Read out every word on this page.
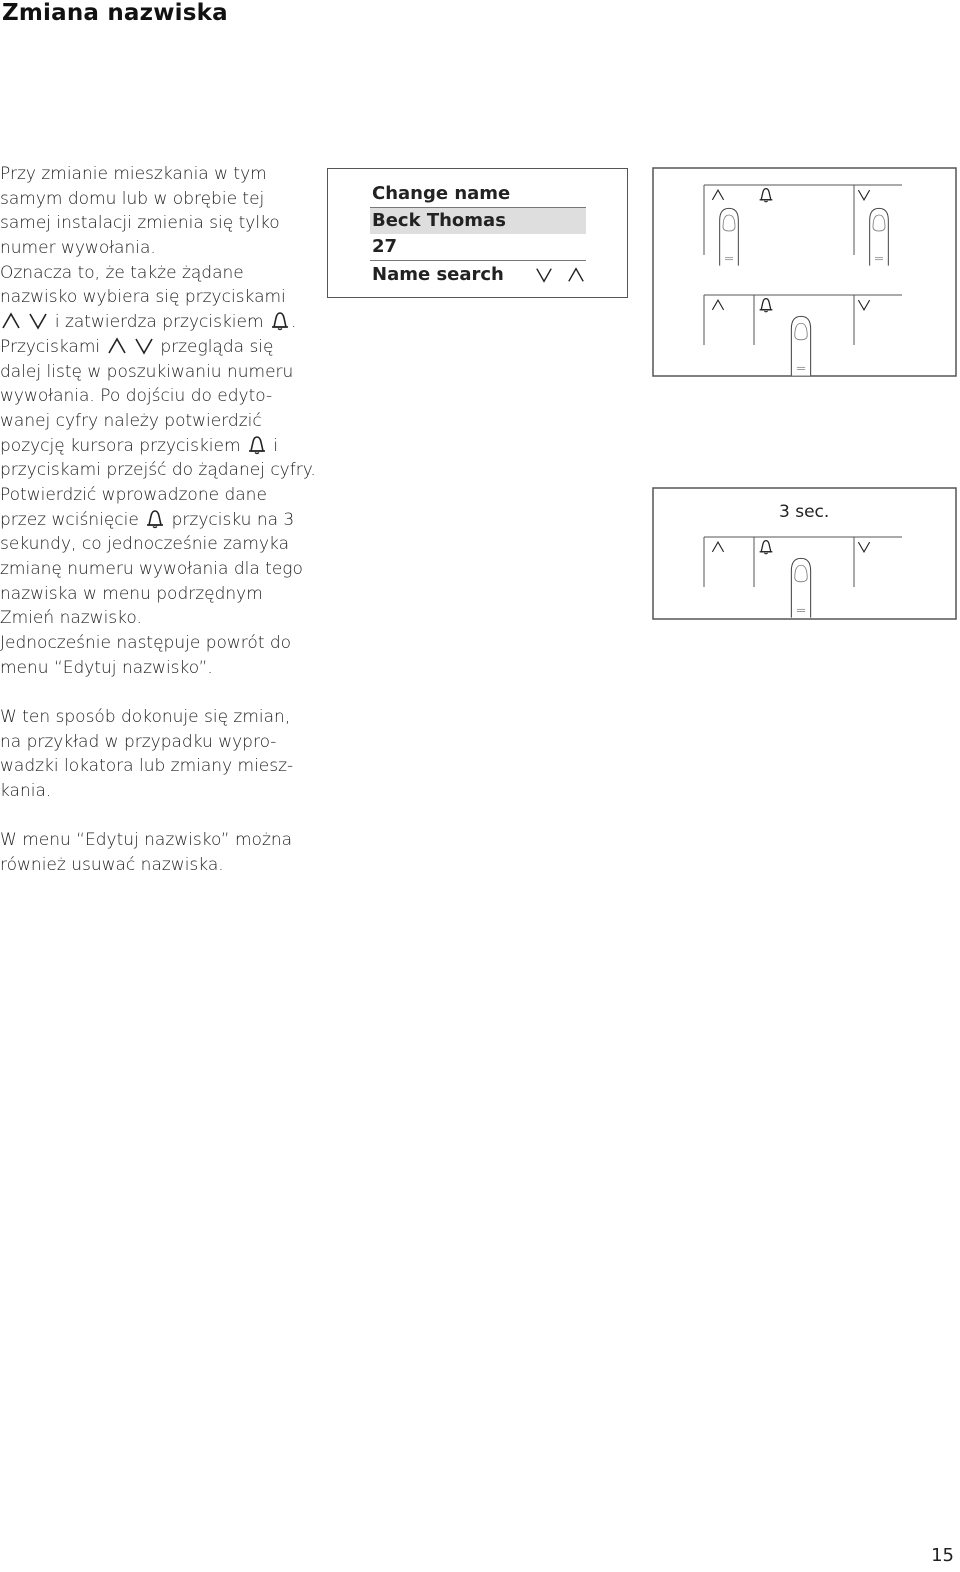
Zmiana nazwiska
Przy zmianie mieszkania w tym
samym domu lub w obrębie tej
samej instalacji zmienia się tylko
numer wywołania.
Oznacza to, że także żądane
nazwisko wybiera się przyciskami
i zatwierdza przyciskiem .
Przyciskami	przegląda się
dalej listę w poszukiwaniu numeru
wywołania. Po dojściu do edyto-
wanej cyfry należy potwierdzić
pozycję kursora przyciskiem i
przyciskami przejść do żądanej cyfry.
Potwierdzić wprowadzone dane
przez wciśnięcie przycisku na 3
sekundy, co jednocześnie zamyka
zmianę numeru wywołania dla tego
nazwiska w menu podrzędnym
Zmień nazwisko.
Jednocześnie następuje powrót do
menu “Edytuj nazwisko”.
W ten sposób dokonuje się zmian,
na przykład w przypadku wypro-
wadzki lokatora lub zmiany miesz-
kania.
W menu “Edytuj nazwisko” można
również usuwać nazwiska.
Change name
Beck Thomas
27
Name search
3 sec.
15
